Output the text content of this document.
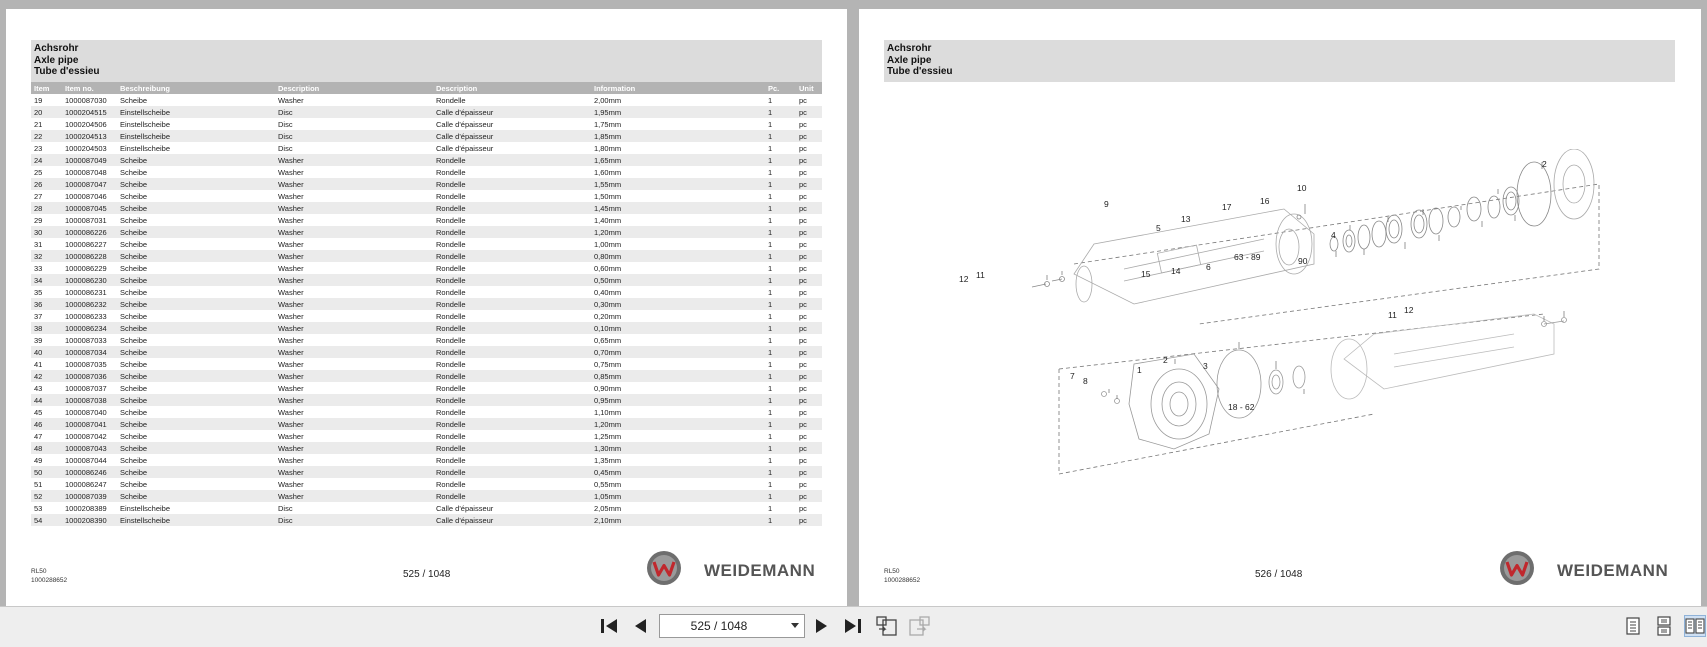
Achsrohr
Axle pipe
Tube d'essieu
Item	Item no.	Beschreibung	Description	Description	Information	Pc.	Unit
19	1000087030	Scheibe	Washer	Rondelle	2,00mm	1	pc
20	1000204515	Einstellscheibe	Disc	Calle d'épaisseur	1,95mm	1	pc
21	1000204506	Einstellscheibe	Disc	Calle d'épaisseur	1,75mm	1	pc
22	1000204513	Einstellscheibe	Disc	Calle d'épaisseur	1,85mm	1	pc
23	1000204503	Einstellscheibe	Disc	Calle d'épaisseur	1,80mm	1	pc
24	1000087049	Scheibe	Washer	Rondelle	1,65mm	1	pc
25	1000087048	Scheibe	Washer	Rondelle	1,60mm	1	pc
26	1000087047	Scheibe	Washer	Rondelle	1,55mm	1	pc
27	1000087046	Scheibe	Washer	Rondelle	1,50mm	1	pc
28	1000087045	Scheibe	Washer	Rondelle	1,45mm	1	pc
29	1000087031	Scheibe	Washer	Rondelle	1,40mm	1	pc
30	1000086226	Scheibe	Washer	Rondelle	1,20mm	1	pc
31	1000086227	Scheibe	Washer	Rondelle	1,00mm	1	pc
32	1000086228	Scheibe	Washer	Rondelle	0,80mm	1	pc
33	1000086229	Scheibe	Washer	Rondelle	0,60mm	1	pc
34	1000086230	Scheibe	Washer	Rondelle	0,50mm	1	pc
35	1000086231	Scheibe	Washer	Rondelle	0,40mm	1	pc
36	1000086232	Scheibe	Washer	Rondelle	0,30mm	1	pc
37	1000086233	Scheibe	Washer	Rondelle	0,20mm	1	pc
38	1000086234	Scheibe	Washer	Rondelle	0,10mm	1	pc
39	1000087033	Scheibe	Washer	Rondelle	0,65mm	1	pc
40	1000087034	Scheibe	Washer	Rondelle	0,70mm	1	pc
41	1000087035	Scheibe	Washer	Rondelle	0,75mm	1	pc
42	1000087036	Scheibe	Washer	Rondelle	0,85mm	1	pc
43	1000087037	Scheibe	Washer	Rondelle	0,90mm	1	pc
44	1000087038	Scheibe	Washer	Rondelle	0,95mm	1	pc
45	1000087040	Scheibe	Washer	Rondelle	1,10mm	1	pc
46	1000087041	Scheibe	Washer	Rondelle	1,20mm	1	pc
47	1000087042	Scheibe	Washer	Rondelle	1,25mm	1	pc
48	1000087043	Scheibe	Washer	Rondelle	1,30mm	1	pc
49	1000087044	Scheibe	Washer	Rondelle	1,35mm	1	pc
50	1000086246	Scheibe	Washer	Rondelle	0,45mm	1	pc
51	1000086247	Scheibe	Washer	Rondelle	0,55mm	1	pc
52	1000087039	Scheibe	Washer	Rondelle	1,05mm	1	pc
53	1000208389	Einstellscheibe	Disc	Calle d'épaisseur	2,05mm	1	pc
54	1000208390	Einstellscheibe	Disc	Calle d'épaisseur	2,10mm	1	pc
RL50
1000288652	525 / 1048	WEIDEMANN
Achsrohr
Axle pipe
Tube d'essieu
2
9
5
13
17
16
10
4
63 - 89	90
15 14	6
12 11
11 12
1
2
3
7 8
18 - 62
RL50
1000288652	526 / 1048	WEIDEMANN
525 / 1048
